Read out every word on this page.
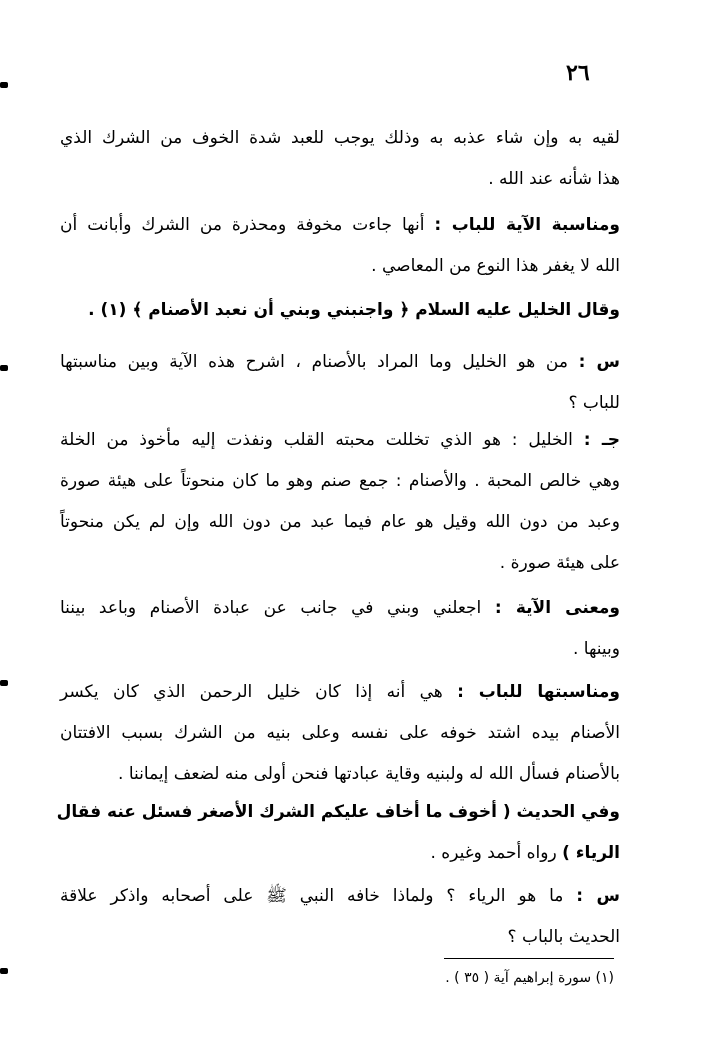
٢٦
لقيه به وإن شاء عذبه به وذلك يوجب للعبد شدة الخوف من الشرك الذي
هذا شأنه عند الله .
ومناسبة الآية للباب : أنها جاءت مخوفة ومحذرة من الشرك وأبانت أن
الله لا يغفر هذا النوع من المعاصي .
وقال الخليل عليه السلام ﴿ واجنبني وبني أن نعبد الأصنام ﴾ (١) .
س : من هو الخليل وما المراد بالأصنام ، اشرح هذه الآية وبين مناسبتها
للباب ؟
جـ : الخليل : هو الذي تخللت محبته القلب ونفذت إليه مأخوذ من الخلة
وهي خالص المحبة . والأصنام : جمع صنم وهو ما كان منحوتاً على هيئة صورة
وعبد من دون الله وقيل هو عام فيما عبد من دون الله وإن لم يكن منحوتاً
على هيئة صورة .
ومعنى الآية : اجعلني وبني في جانب عن عبادة الأصنام وباعد بيننا
وبينها .
ومناسبتها للباب : هي أنه إذا كان خليل الرحمن الذي كان يكسر
الأصنام بيده اشتد خوفه على نفسه وعلى بنيه من الشرك بسبب الافتتان
بالأصنام فسأل الله له ولبنيه وقاية عبادتها فنحن أولى منه لضعف إيماننا .
وفي الحديث ( أخوف ما أخاف عليكم الشرك الأصغر فسئل عنه فقال
الرياء ) رواه أحمد وغيره .
س : ما هو الرياء ؟ ولماذا خافه النبي ﷺ على أصحابه واذكر علاقة
الحديث بالباب ؟
(١) سورة إبراهيم آية ( ٣٥ ) .
